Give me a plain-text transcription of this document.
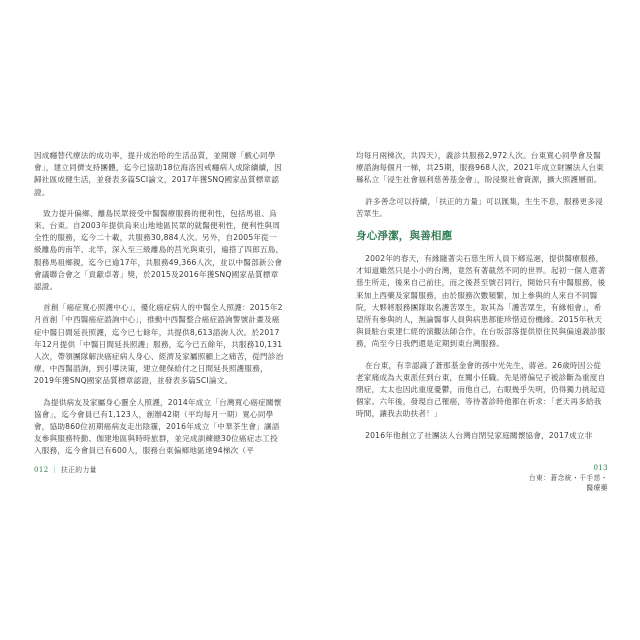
因成癮替代療法的成功率，提升成治哈的生活品質，並開辦「戲心同學會」，建立同儕支持團體，迄今已協助18位海洛因戒癮病人成除續續，因歸社區成健生活，並發表多篇SCI論文，2017年獲SNQ國家品質標章認證。

致力提升偏鄉、離島民眾接受中醫醫療服務的便利性，包括馬祖、烏來、台東。自2003年提供烏來山地地區民眾的就醫便利性，便利性與周全性的服務，迄今二十載，共服務30,884人次。另外，自2005年從一級離島的南竿、北竿，深入至三級離島的莒光與東引，遍搭了四郎五島，服務馬祖鄉親，迄今已逾17年，共服務49,366人次，並以中醫部新公會會議聯合會之「貢獻卓著」獎，於2015及2016年獲SNQ國家品質標章認證。

首創「癌症寬心照護中心」，優化癌症病人的中醫全人照護：2015年2月首創「中西醫癌症諮詢中心」，推動中西醫整合癌症諮詢警號計畫及癌症中醫日間延長照護，迄今已七餘年，共提供8,613諮詢人次。於2017年12月提供「中醫日間延長照護」服務，迄今已五餘年，共服務10,131人次，帶領團隊解決癌症病人身心、經濟及家屬照顧上之痛苦，從門診治療、中西醫諮詢，到引導決策，建立健保給付之日間延長照護服務，2019年獲SNQ國家品質標章認證，並發表多篇SCI論文。

為提供病友及家屬身心靈全人照護，2014年成立「台灣寬心癌症關懷協會」，迄今會員已有1,123人，創辦42期（平均每月一期）寬心同學會，協助860位初期癌病友走出陰霾，2016年成立「中華茶生會」讓語友參與服務特勤、伽建地區與時時旅群，並完成訓練總30位癌症志工投入服務，迄今會員已有600人，服務台東偏鄉地區達94梯次（平

均每月兩梯次，共四天），義診共服務2,972人次。台東寬心同學會及醫療諮詢每個月一梯，共25期，服務968人次，2021年成立財團法人台東縣私立「浸生社會福利慈善基金會」，盼浸聚社會資源，擴大照護層面。

許多善念可以持續，「扶正的力量」可以匯集，生生不息，服務更多浸苦眾生。

身心淨潔，與善相應

2002年的春天，有緣隨著尖石慈生所人員下鄉巡迴，提供醫療服務，才知道雖然只是小小的台灣，竟然有著截然不同的世界。起初一個人還著慈生所走，後來自己前往，而之後甚至號召同行，開始只有中醫服務，後來加上西藥及家醫服務，由於服務次數頻繁，加上參與的人來自不同醫院，大夥將服務團隊取名護苦眾生，取其為「護苦眾生，有緣相會」，希望所有參與的人，無論醫事人員與病患都能珍惜這份機緣。2015年秋天與員駐台東建仁經的演觀法師合作，在台坂部落提供原住民與偏遠義診服務，尚至今日我們還是定期到東台灣服務。

在台東，有幸認識了蒼那基金會的孫中光先生，蔣爸。26歲時因公從老家痛成為大東派任到台東，在關小任職。先是將偏兒子被診斷為重度自閉症，太太也因此重度憂鬱，而他自己，右眼幾乎失明，仍得獨力挑起這個家。六年後，發現自己罹癌，等待著診時他都在祈求：「老天再多給我時間，讓我去助扶者！」

2016年他創立了社團法人台灣自閉兒家庭關懷協會，2017成立非

012 ｜ 扶正的力量	013
台東：蒼念統・千手慈・醫療藥
